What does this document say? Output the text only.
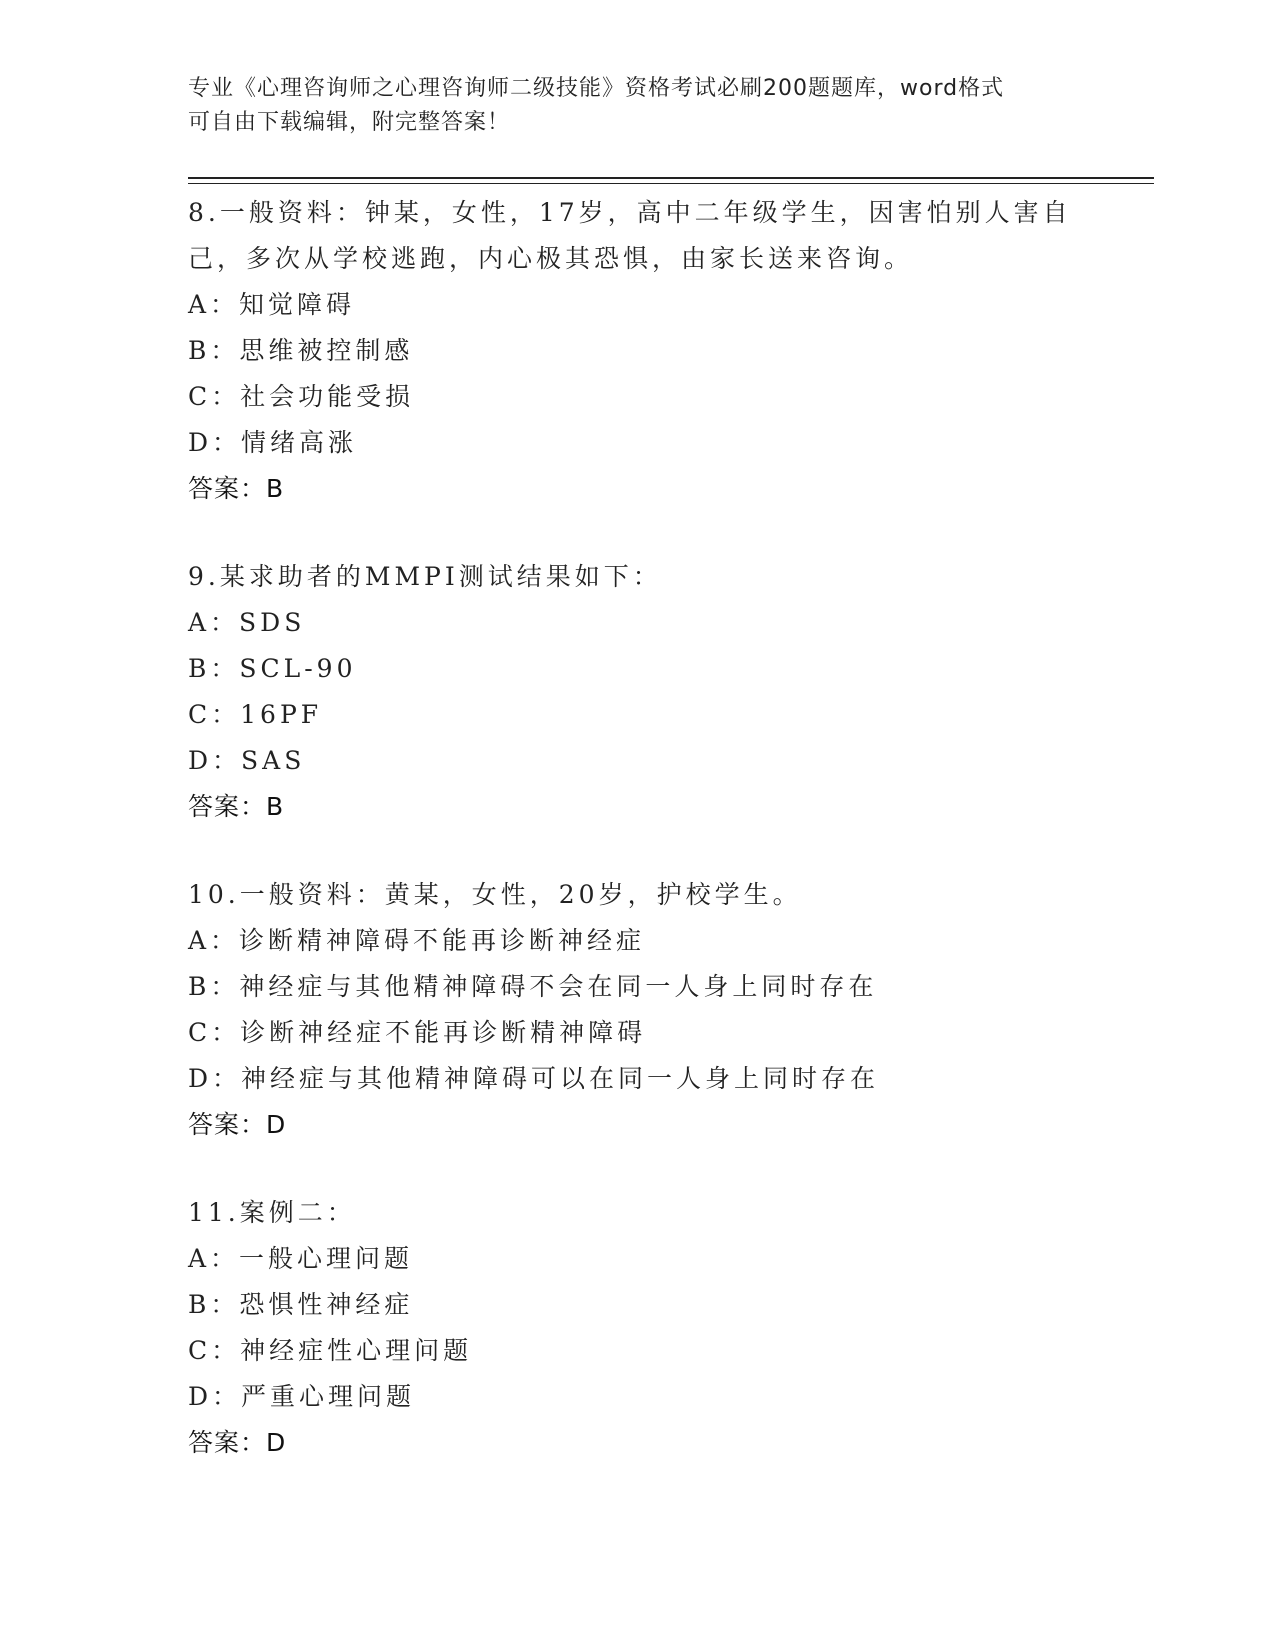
专业《心理咨询师之心理咨询师二级技能》资格考试必刷200题题库，word格式
可自由下载编辑，附完整答案！
8.一般资料：钟某，女性，17岁，高中二年级学生，因害怕别人害自
己，多次从学校逃跑，内心极其恐惧，由家长送来咨询。
A：知觉障碍
B：思维被控制感
C：社会功能受损
D：情绪高涨
答案：B
9.某求助者的MMPI测试结果如下：
A：SDS
B：SCL-90
C：16PF
D：SAS
答案：B
10.一般资料：黄某，女性，20岁，护校学生。
A：诊断精神障碍不能再诊断神经症
B：神经症与其他精神障碍不会在同一人身上同时存在
C：诊断神经症不能再诊断精神障碍
D：神经症与其他精神障碍可以在同一人身上同时存在
答案：D
11.案例二：
A：一般心理问题
B：恐惧性神经症
C：神经症性心理问题
D：严重心理问题
答案：D
